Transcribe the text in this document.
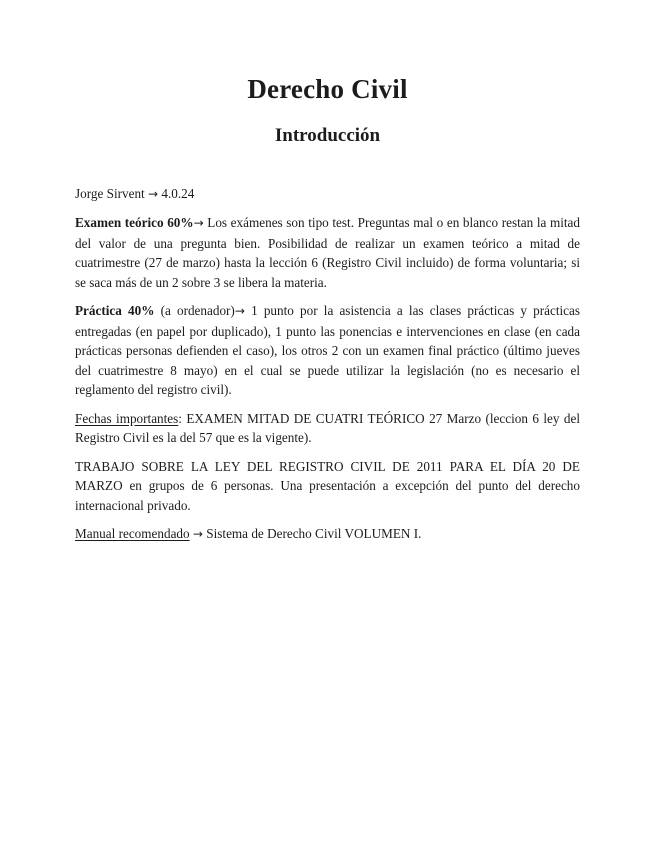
Derecho Civil
Introducción

Jorge Sirvent → 4.0.24

Examen teórico 60%→ Los exámenes son tipo test. Preguntas mal o en blanco restan la mitad del valor de una pregunta bien. Posibilidad de realizar un examen teórico a mitad de cuatrimestre (27 de marzo) hasta la lección 6 (Registro Civil incluido) de forma voluntaria; si se saca más de un 2 sobre 3 se libera la materia.

Práctica 40% (a ordenador)→ 1 punto por la asistencia a las clases prácticas y prácticas entregadas (en papel por duplicado), 1 punto las ponencias e intervenciones en clase (en cada prácticas personas defienden el caso), los otros 2 con un examen final práctico (último jueves del cuatrimestre 8 mayo) en el cual se puede utilizar la legislación (no es necesario el reglamento del registro civil).

Fechas importantes: EXAMEN MITAD DE CUATRI TEÓRICO 27 Marzo (leccion 6 ley del Registro Civil es la del 57 que es la vigente).

TRABAJO SOBRE LA LEY DEL REGISTRO CIVIL DE 2011 PARA EL DÍA 20 DE MARZO en grupos de 6 personas. Una presentación a excepción del punto del derecho internacional privado.

Manual recomendado → Sistema de Derecho Civil VOLUMEN I.
